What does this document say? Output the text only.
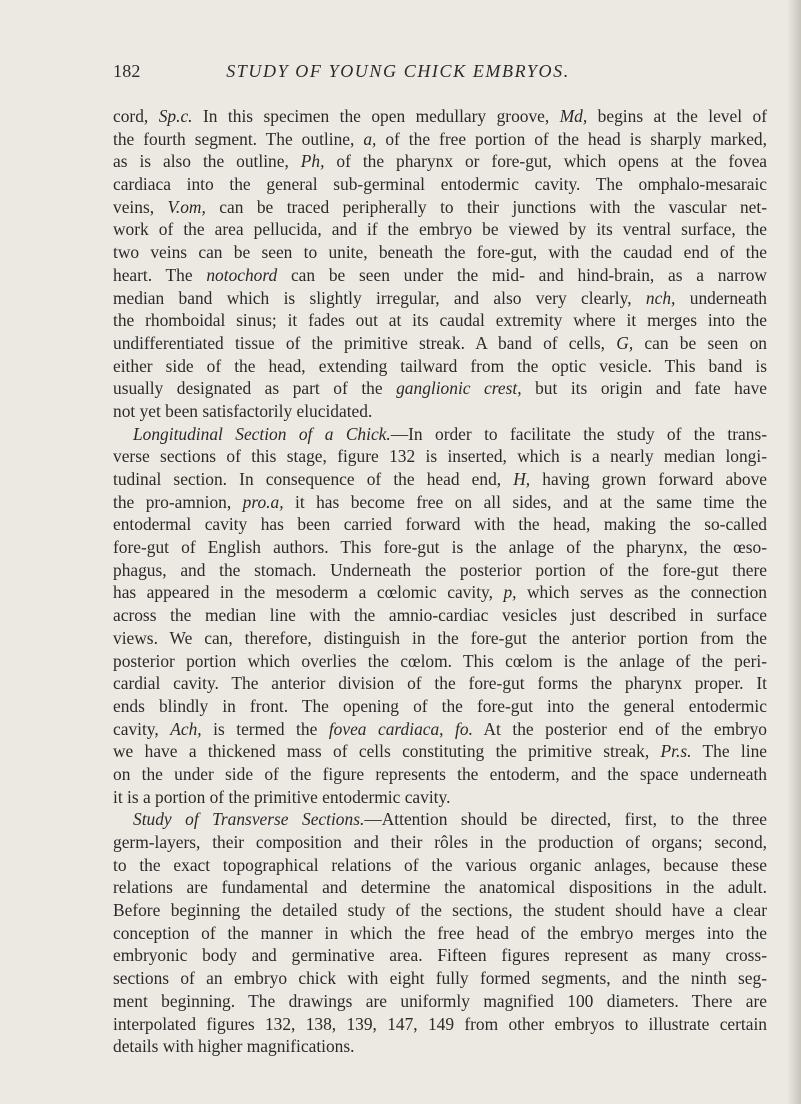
182	STUDY OF YOUNG CHICK EMBRYOS.
cord, Sp.c. In this specimen the open medullary groove, Md, begins at the level of
the fourth segment. The outline, a, of the free portion of the head is sharply marked,
as is also the outline, Ph, of the pharynx or fore-gut, which opens at the fovea
cardiaca into the general sub-germinal entodermic cavity. The omphalo-mesaraic
veins, V.om, can be traced peripherally to their junctions with the vascular net-
work of the area pellucida, and if the embryo be viewed by its ventral surface, the
two veins can be seen to unite, beneath the fore-gut, with the caudad end of the
heart. The notochord can be seen under the mid- and hind-brain, as a narrow
median band which is slightly irregular, and also very clearly, nch, underneath
the rhomboidal sinus; it fades out at its caudal extremity where it merges into the
undifferentiated tissue of the primitive streak. A band of cells, G, can be seen on
either side of the head, extending tailward from the optic vesicle. This band is
usually designated as part of the ganglionic crest, but its origin and fate have
not yet been satisfactorily elucidated.
Longitudinal Section of a Chick.—In order to facilitate the study of the trans-
verse sections of this stage, figure 132 is inserted, which is a nearly median longi-
tudinal section. In consequence of the head end, H, having grown forward above
the pro-amnion, pro.a, it has become free on all sides, and at the same time the
entodermal cavity has been carried forward with the head, making the so-called
fore-gut of English authors. This fore-gut is the anlage of the pharynx, the œso-
phagus, and the stomach. Underneath the posterior portion of the fore-gut there
has appeared in the mesoderm a cœlomic cavity, p, which serves as the connection
across the median line with the amnio-cardiac vesicles just described in surface
views. We can, therefore, distinguish in the fore-gut the anterior portion from the
posterior portion which overlies the cœlom. This cœlom is the anlage of the peri-
cardial cavity. The anterior division of the fore-gut forms the pharynx proper. It
ends blindly in front. The opening of the fore-gut into the general entodermic
cavity, Ach, is termed the fovea cardiaca, fo. At the posterior end of the embryo
we have a thickened mass of cells constituting the primitive streak, Pr.s. The line
on the under side of the figure represents the entoderm, and the space underneath
it is a portion of the primitive entodermic cavity.
Study of Transverse Sections.—Attention should be directed, first, to the three
germ-layers, their composition and their rôles in the production of organs; second,
to the exact topographical relations of the various organic anlages, because these
relations are fundamental and determine the anatomical dispositions in the adult.
Before beginning the detailed study of the sections, the student should have a clear
conception of the manner in which the free head of the embryo merges into the
embryonic body and germinative area. Fifteen figures represent as many cross-
sections of an embryo chick with eight fully formed segments, and the ninth seg-
ment beginning. The drawings are uniformly magnified 100 diameters. There are
interpolated figures 132, 138, 139, 147, 149 from other embryos to illustrate certain
details with higher magnifications.
